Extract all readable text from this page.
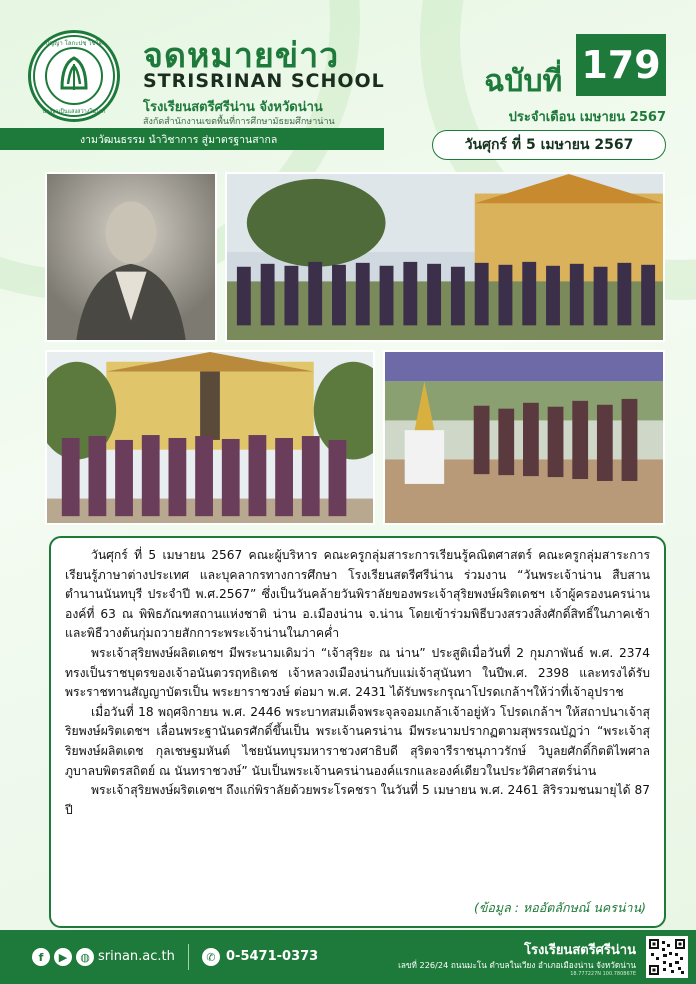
ปัญญา โลกะปชฺ โชโต
ปัญญาเป็นแสงสว่างในโลก
จดหมายข่าว
STRISRINAN SCHOOL
โรงเรียนสตรีศรีน่าน จังหวัดน่าน
สังกัดสำนักงานเขตพื้นที่การศึกษามัธยมศึกษาน่าน
งามวัฒนธรรม นำวิชาการ สู่มาตรฐานสากล
ฉบับที่ 179
ประจำเดือน เมษายน 2567
วันศุกร์ ที่ 5 เมษายน 2567

วันศุกร์ ที่ 5 เมษายน 2567 คณะผู้บริหาร คณะครูกลุ่มสาระการเรียนรู้คณิตศาสตร์ คณะครูกลุ่มสาระการเรียนรู้ภาษาต่างประเทศ และบุคลากรทางการศึกษา โรงเรียนสตรีศรีน่าน ร่วมงาน “วันพระเจ้าน่าน สืบสานตำนานนันทบุรี ประจำปี พ.ศ.2567” ซึ่งเป็นวันคล้ายวันพิราลัยของพระเจ้าสุริยพงษ์ผริตเดชฯ เจ้าผู้ครองนครน่าน องค์ที่ 63 ณ พิพิธภัณฑสถานแห่งชาติ น่าน อ.เมืองน่าน จ.น่าน โดยเข้าร่วมพิธีบวงสรวงสิ่งศักดิ์สิทธิ์ในภาคเช้า และพิธีวางต้นกุ่มถวายสักการะพระเจ้าน่านในภาคค่ำ

พระเจ้าสุริยพงษ์ผลิตเดชฯ มีพระนามเดิมว่า “เจ้าสุริยะ ณ น่าน” ประสูติเมื่อวันที่ 2 กุมภาพันธ์ พ.ศ. 2374 ทรงเป็นราชบุตรของเจ้าอนันตวรฤทธิเดช เจ้าหลวงเมืองน่านกับแม่เจ้าสุนันทา ในปีพ.ศ. 2398 และทรงได้รับพระราชทานสัญญาบัตรเป็น พระยาราชวงษ์ ต่อมา พ.ศ. 2431 ได้รับพระกรุณาโปรดเกล้าฯให้ว่าที่เจ้าอุปราช

เมื่อวันที่ 18 พฤศจิกายน พ.ศ. 2446 พระบาทสมเด็จพระจุลจอมเกล้าเจ้าอยู่หัว โปรดเกล้าฯ ให้สถาปนาเจ้าสุริยพงษ์ผริตเดชฯ เลื่อนพระฐานันดรศักดิ์ขึ้นเป็น พระเจ้านครน่าน มีพระนามปรากฏตามสุพรรณบัฏว่า “พระเจ้าสุริยพงษ์ผลิตเดช กุลเชษฐมหันต์ ไชยนันทบุรมหาราชวงศาธิบดี สุริตจารีราชนุภาวรักษ์ วิบูลยศักดิ์กิตติไพศาล ภูบาลบพิตรสถิตย์ ณ นันทราชวงษ์” นับเป็นพระเจ้านครน่านองค์แรกและองค์เดียวในประวัติศาสตร์น่าน

พระเจ้าสุริยพงษ์ผริตเดชฯ ถึงแก่พิราลัยด้วยพระโรคชรา ในวันที่ 5 เมษายน พ.ศ. 2461 สิริรวมชนมายุได้ 87 ปี

(ข้อมูล : หออัตลักษณ์ นครน่าน)
f	▶	◍ srinan.ac.th	✆ 0-5471-0373	โรงเรียนสตรีศรีน่าน
เลขที่ 226/24 ถนนมะโน ตำบลในเวียง อำเภอเมืองน่าน จังหวัดน่าน
18.777227N 100.780867E
